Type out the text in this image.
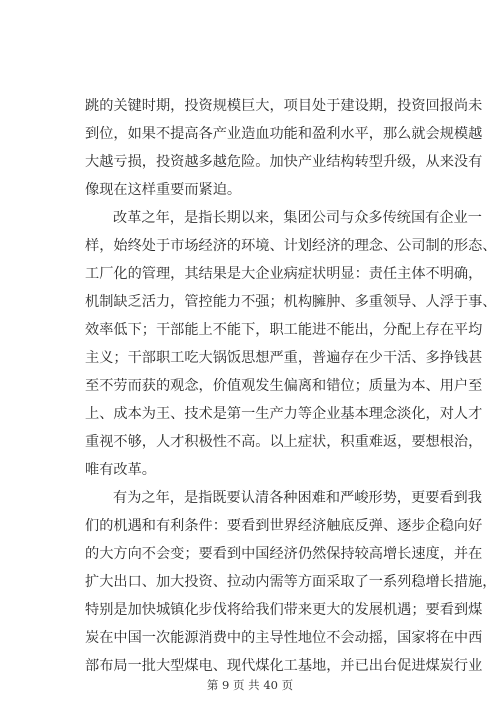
跳的关键时期，投资规模巨大，项目处于建设期，投资回报尚未
到位，如果不提高各产业造血功能和盈利水平，那么就会规模越
大越亏损，投资越多越危险。加快产业结构转型升级，从来没有
像现在这样重要而紧迫。
改革之年，是指长期以来，集团公司与众多传统国有企业一
样，始终处于市场经济的环境、计划经济的理念、公司制的形态、
工厂化的管理，其结果是大企业病症状明显：责任主体不明确，
机制缺乏活力，管控能力不强；机构臃肿、多重领导、人浮于事、
效率低下；干部能上不能下，职工能进不能出，分配上存在平均
主义；干部职工吃大锅饭思想严重，普遍存在少干活、多挣钱甚
至不劳而获的观念，价值观发生偏离和错位；质量为本、用户至
上、成本为王、技术是第一生产力等企业基本理念淡化，对人才
重视不够，人才积极性不高。以上症状，积重难返，要想根治，
唯有改革。
有为之年，是指既要认清各种困难和严峻形势，更要看到我
们的机遇和有利条件：要看到世界经济触底反弹、逐步企稳向好
的大方向不会变；要看到中国经济仍然保持较高增长速度，并在
扩大出口、加大投资、拉动内需等方面采取了一系列稳增长措施，
特别是加快城镇化步伐将给我们带来更大的发展机遇；要看到煤
炭在中国一次能源消费中的主导性地位不会动摇，国家将在中西
部布局一批大型煤电、现代煤化工基地，并已出台促进煤炭行业
第 9 页 共 40 页
